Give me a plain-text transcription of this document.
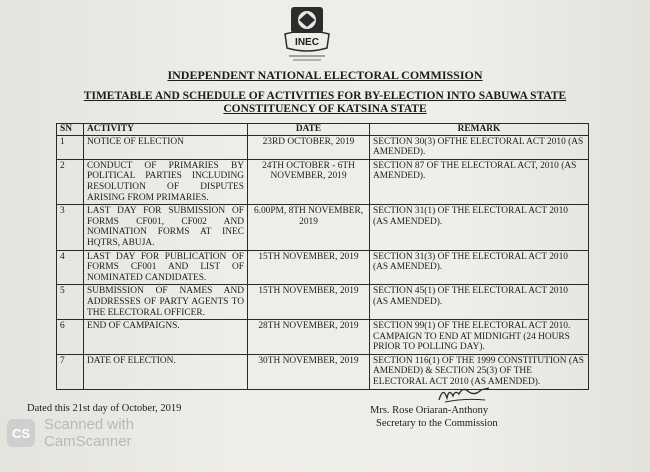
INEC
INDEPENDENT NATIONAL ELECTORAL COMMISSION
TIMETABLE AND SCHEDULE OF ACTIVITIES FOR BY-ELECTION INTO SABUWA STATE
CONSTITUENCY OF KATSINA STATE
SN	ACTIVITY	DATE	REMARK
1	NOTICE OF ELECTION	23RD OCTOBER, 2019	SECTION 30(3) OFTHE ELECTORAL ACT 2010 (AS AMENDED).
2	CONDUCT OF PRIMARIES BY POLITICAL PARTIES INCLUDING RESOLUTION OF DISPUTES ARISING FROM PRIMARIES.	24TH OCTOBER - 6TH NOVEMBER, 2019	SECTION 87 OF THE ELECTORAL ACT, 2010 (AS AMENDED).
3	LAST DAY FOR SUBMISSION OF FORMS CF001, CF002 AND NOMINATION FORMS AT INEC HQTRS, ABUJA.	6.00PM, 8TH NOVEMBER, 2019	SECTION 31(1) OF THE ELECTORAL ACT 2010 (AS AMENDED).
4	LAST DAY FOR PUBLICATION OF FORMS CF001 AND LIST OF NOMINATED CANDIDATES.	15TH NOVEMBER, 2019	SECTION 31(3) OF THE ELECTORAL ACT 2010 (AS AMENDED).
5	SUBMISSION OF NAMES AND ADDRESSES OF PARTY AGENTS TO THE ELECTORAL OFFICER.	15TH NOVEMBER, 2019	SECTION 45(1) OF THE ELECTORAL ACT 2010 (AS AMENDED).
6	END OF CAMPAIGNS.	28TH NOVEMBER, 2019	SECTION 99(1) OF THE ELECTORAL ACT 2010. CAMPAIGN TO END AT MIDNIGHT (24 HOURS PRIOR TO POLLING DAY).
7	DATE OF ELECTION.	30TH NOVEMBER, 2019	SECTION 116(1) OF THE 1999 CONSTITUTION (AS AMENDED) & SECTION 25(3) OF THE ELECTORAL ACT 2010 (AS AMENDED).
Dated this 21st day of October, 2019	Mrs. Rose Oriaran-Anthony
Secretary to the Commission
CS
Scanned with
CamScanner
